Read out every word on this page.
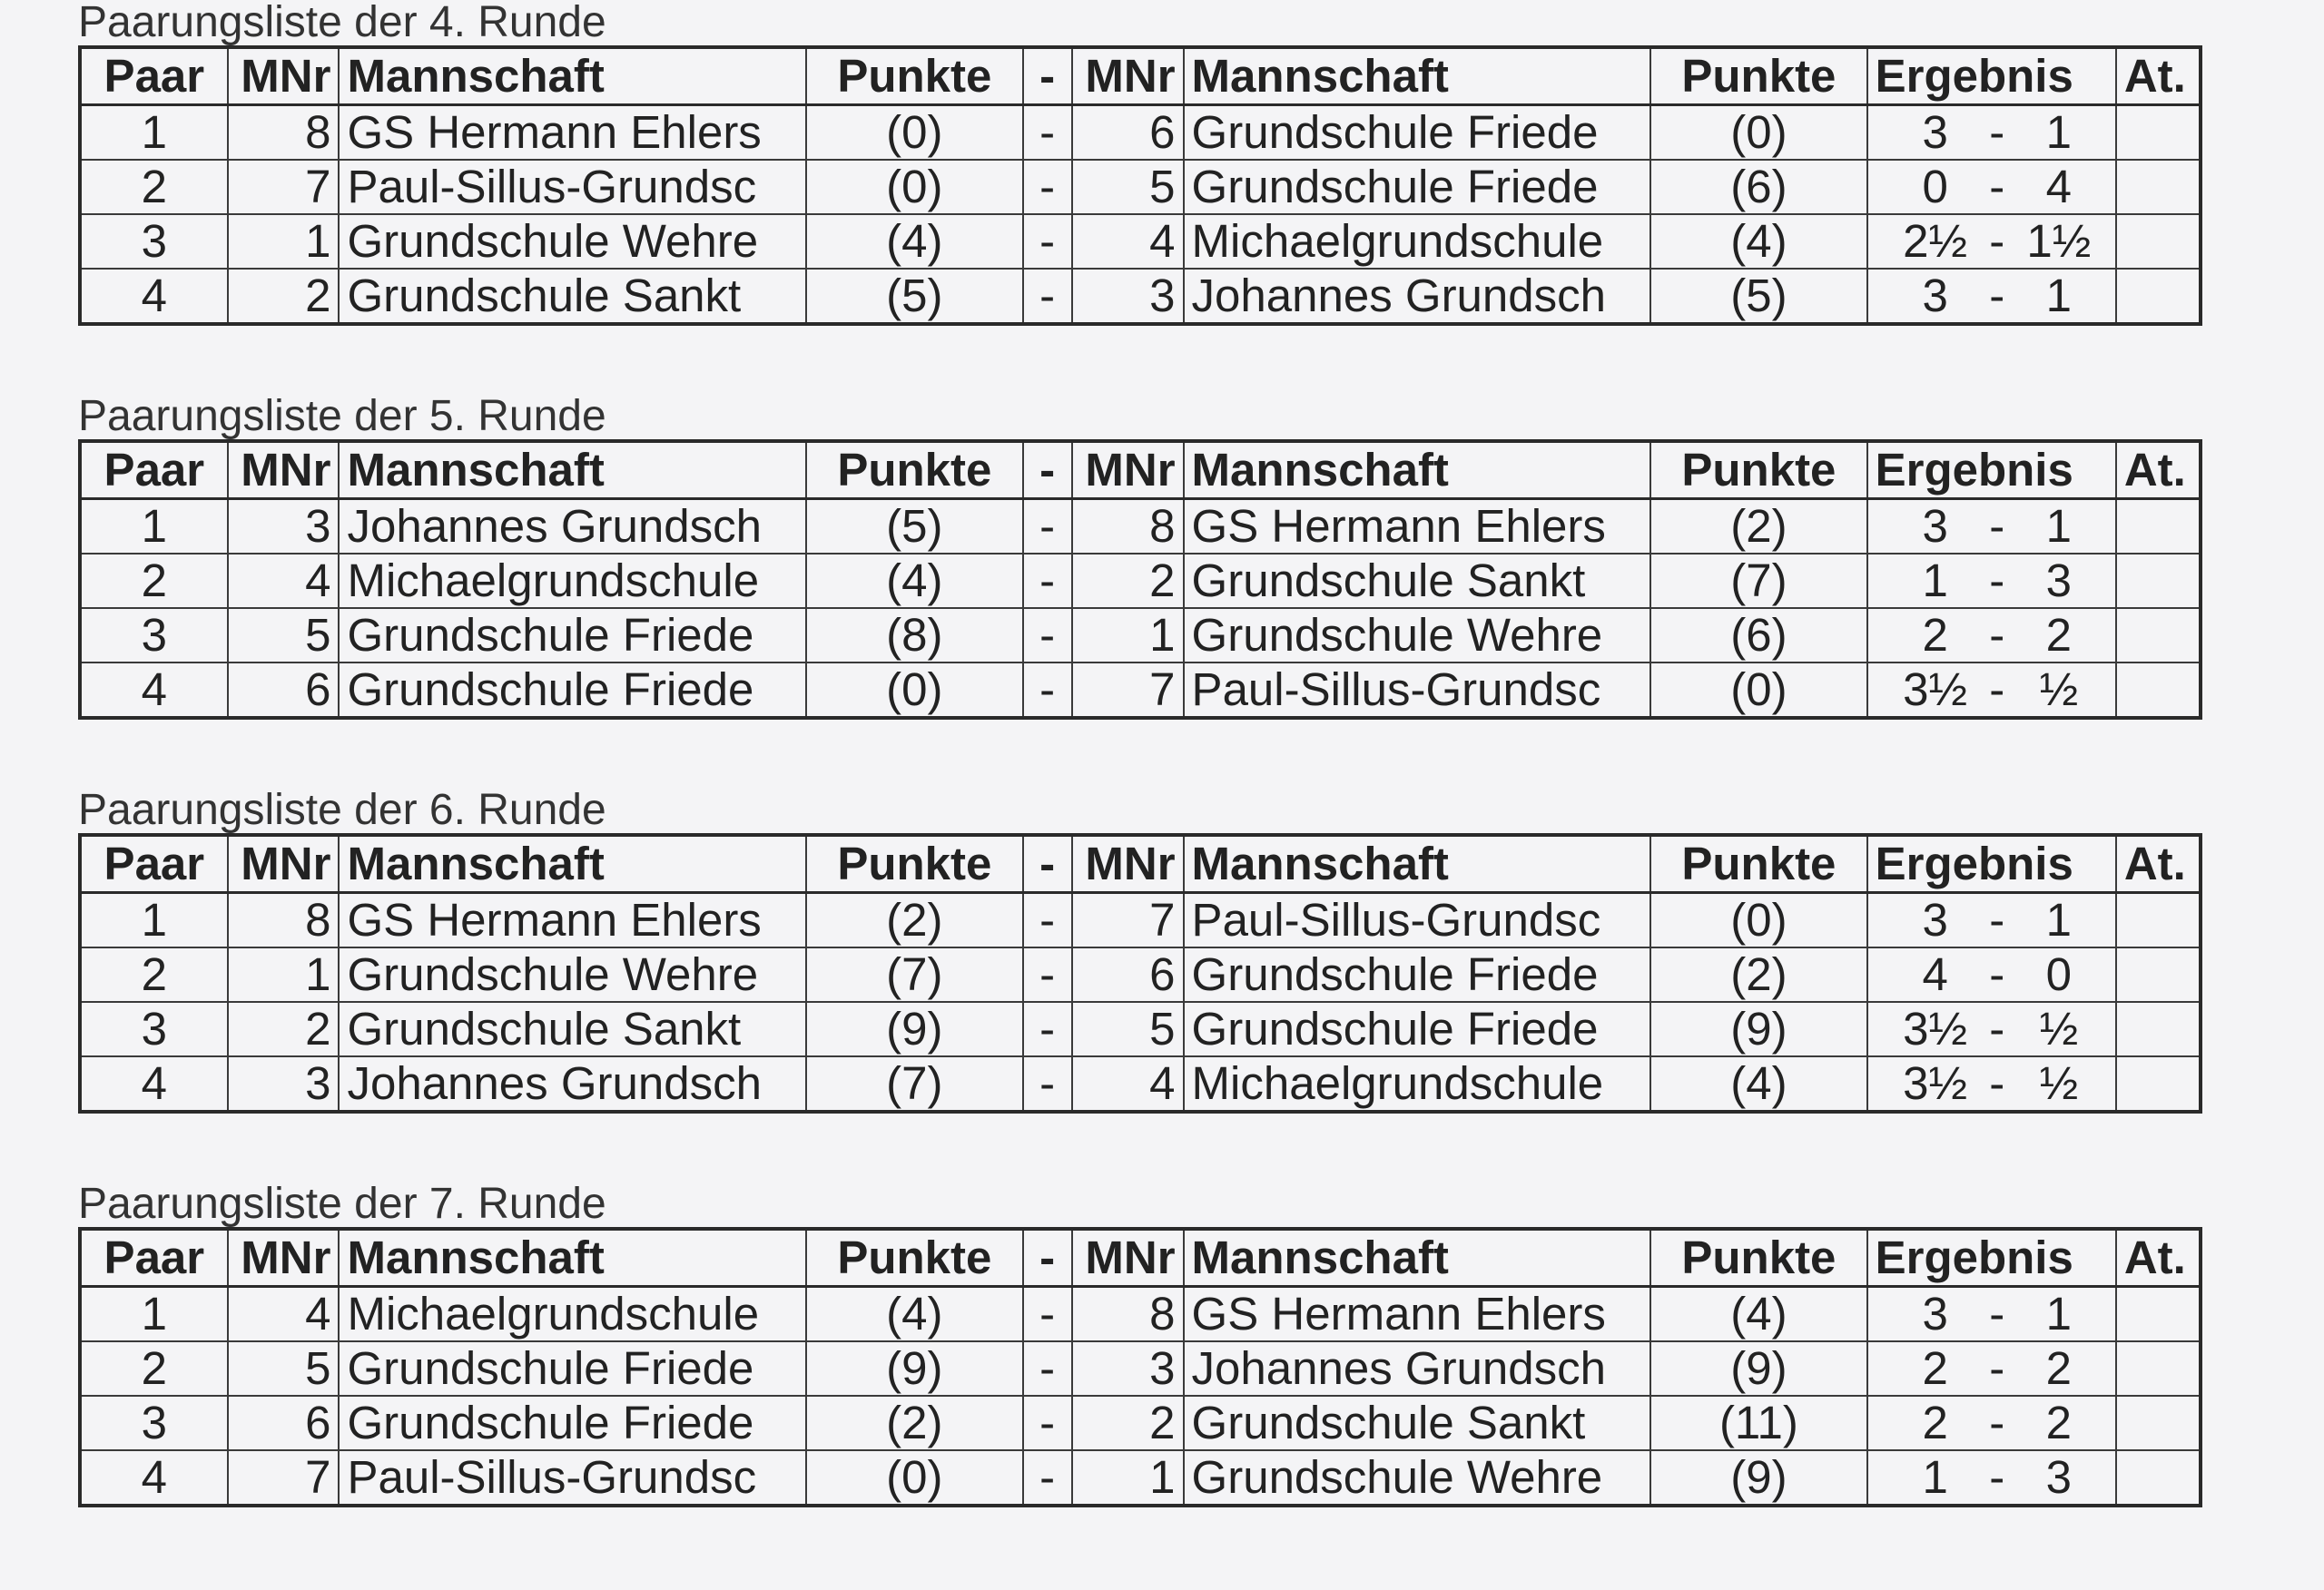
Paarungsliste der 4. Runde
Paar	MNr	Mannschaft	Punkte	-	MNr	Mannschaft	Punkte	Ergebnis	At.
1	8	GS Hermann Ehlers	(0)	-	6	Grundschule Friede	(0)	3 - 1	

2	7	Paul-Sillus-Grundsc	(0)	-	5	Grundschule Friede	(6)	0 - 4	

3	1	Grundschule Wehre	(4)	-	4	Michaelgrundschule	(4)	2½ - 1½	

4	2	Grundschule Sankt	(5)	-	3	Johannes Grundsch	(5)	3 - 1	

Paarungsliste der 5. Runde
Paar	MNr	Mannschaft	Punkte	-	MNr	Mannschaft	Punkte	Ergebnis	At.
1	3	Johannes Grundsch	(5)	-	8	GS Hermann Ehlers	(2)	3 - 1	

2	4	Michaelgrundschule	(4)	-	2	Grundschule Sankt	(7)	1 - 3	

3	5	Grundschule Friede	(8)	-	1	Grundschule Wehre	(6)	2 - 2	

4	6	Grundschule Friede	(0)	-	7	Paul-Sillus-Grundsc	(0)	3½ - ½	

Paarungsliste der 6. Runde
Paar	MNr	Mannschaft	Punkte	-	MNr	Mannschaft	Punkte	Ergebnis	At.
1	8	GS Hermann Ehlers	(2)	-	7	Paul-Sillus-Grundsc	(0)	3 - 1	

2	1	Grundschule Wehre	(7)	-	6	Grundschule Friede	(2)	4 - 0	

3	2	Grundschule Sankt	(9)	-	5	Grundschule Friede	(9)	3½ - ½	

4	3	Johannes Grundsch	(7)	-	4	Michaelgrundschule	(4)	3½ - ½	

Paarungsliste der 7. Runde
Paar	MNr	Mannschaft	Punkte	-	MNr	Mannschaft	Punkte	Ergebnis	At.
1	4	Michaelgrundschule	(4)	-	8	GS Hermann Ehlers	(4)	3 - 1	

2	5	Grundschule Friede	(9)	-	3	Johannes Grundsch	(9)	2 - 2	

3	6	Grundschule Friede	(2)	-	2	Grundschule Sankt	(11)	2 - 2	

4	7	Paul-Sillus-Grundsc	(0)	-	1	Grundschule Wehre	(9)	1 - 3	
